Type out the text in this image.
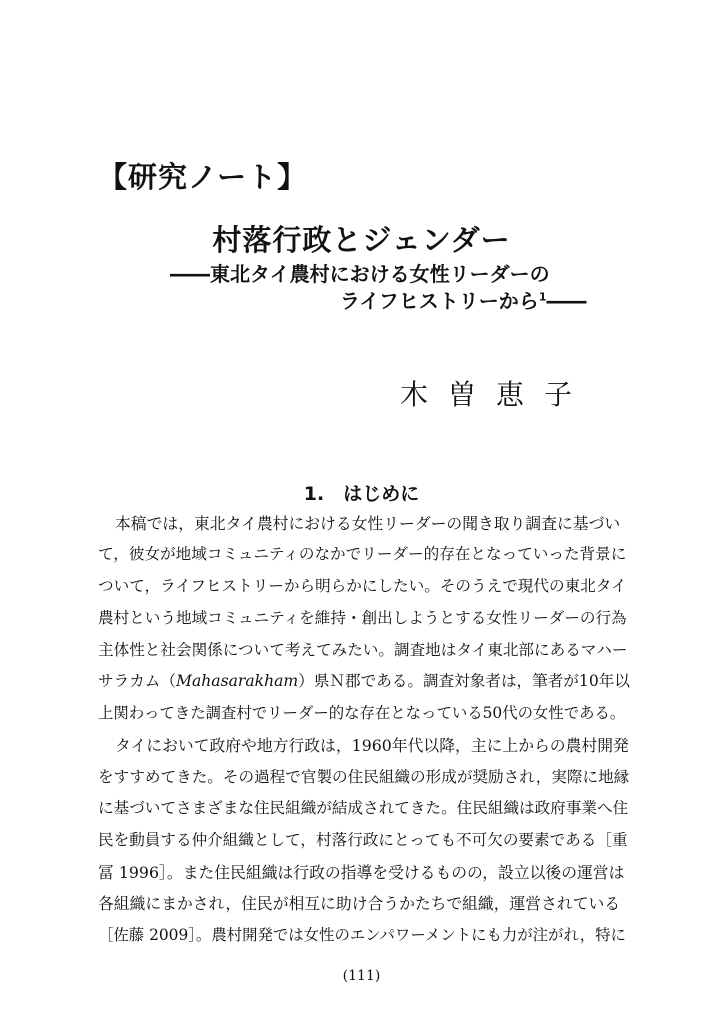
【研究ノート】
村落行政とジェンダー
――東北タイ農村における女性リーダーの
ライフヒストリーから$^1$――
木曽恵子
1.　はじめに
本稿では，東北タイ農村における女性リーダーの聞き取り調査に基づい
て，彼女が地域コミュニティのなかでリーダー的存在となっていった背景に
ついて，ライフヒストリーから明らかにしたい。そのうえで現代の東北タイ
農村という地域コミュニティを維持・創出しようとする女性リーダーの行為
主体性と社会関係について考えてみたい。調査地はタイ東北部にあるマハー
サラカム（Mahasarakham）県Ｎ郡である。調査対象者は，筆者が10年以
上関わってきた調査村でリーダー的な存在となっている50代の女性である。
タイにおいて政府や地方行政は，1960年代以降，主に上からの農村開発
をすすめてきた。その過程で官製の住民組織の形成が奨励され，実際に地縁
に基づいてさまざまな住民組織が結成されてきた。住民組織は政府事業へ住
民を動員する仲介組織として，村落行政にとっても不可欠の要素である［重
冨 1996］。また住民組織は行政の指導を受けるものの，設立以後の運営は
各組織にまかされ，住民が相互に助け合うかたちで組織，運営されている
［佐藤 2009］。農村開発では女性のエンパワーメントにも力が注がれ，特に
(111)
